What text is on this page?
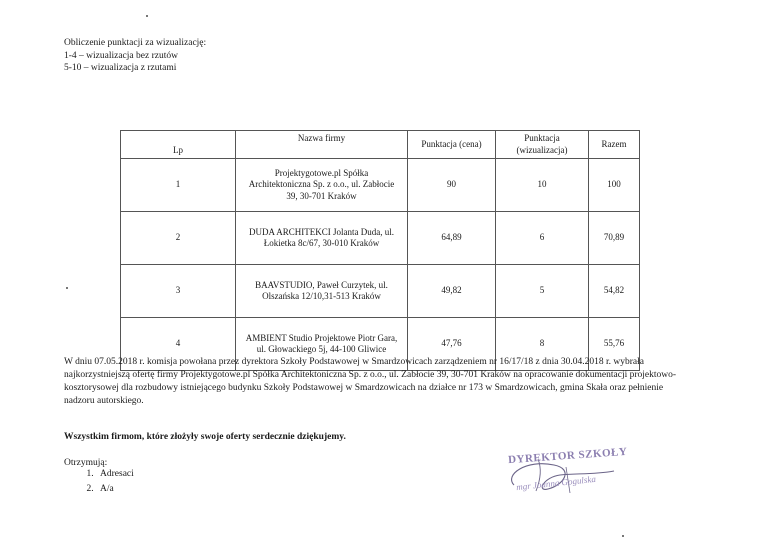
Obliczenie punktacji za wizualizację:
1-4 – wizualizacja bez rzutów
5-10 – wizualizacja z rzutami
Lp	Nazwa firmy	Punktacja (cena)	Punktacja (wizualizacja)	Razem
1	Projektygotowe.pl Spółka
Architektoniczna Sp. z o.o., ul. Zabłocie
39, 30-701 Kraków	90	10	100
2	DUDA ARCHITEKCI Jolanta Duda, ul.
Łokietka 8c/67, 30-010 Kraków	64,89	6	70,89
3	BAAVSTUDIO, Paweł Curzytek, ul.
Olszańska 12/10,31-513 Kraków	49,82	5	54,82
4	AMBIENT Studio Projektowe Piotr Gara,
ul. Głowackiego 5j, 44-100 Gliwice	47,76	8	55,76
W dniu 07.05.2018 r. komisja powołana przez dyrektora Szkoły Podstawowej w Smardzowicach zarządzeniem nr 16/17/18 z dnia 30.04.2018 r. wybrała
najkorzystniejszą ofertę firmy Projektygotowe.pl Spółka Architektoniczna Sp. z o.o., ul. Zabłocie 39, 30-701 Kraków na opracowanie dokumentacji projektowo-
kosztorysowej dla rozbudowy istniejącego budynku Szkoły Podstawowej w Smardzowicach na działce nr 173 w Smardzowicach, gmina Skała oraz pełnienie
nadzoru autorskiego.
Wszystkim firmom, które złożyły swoje oferty serdecznie dziękujemy.
Otrzymują:
1. Adresaci
2. A/a
DYREKTOR SZKOŁY
mgr Joanna Gogulska
